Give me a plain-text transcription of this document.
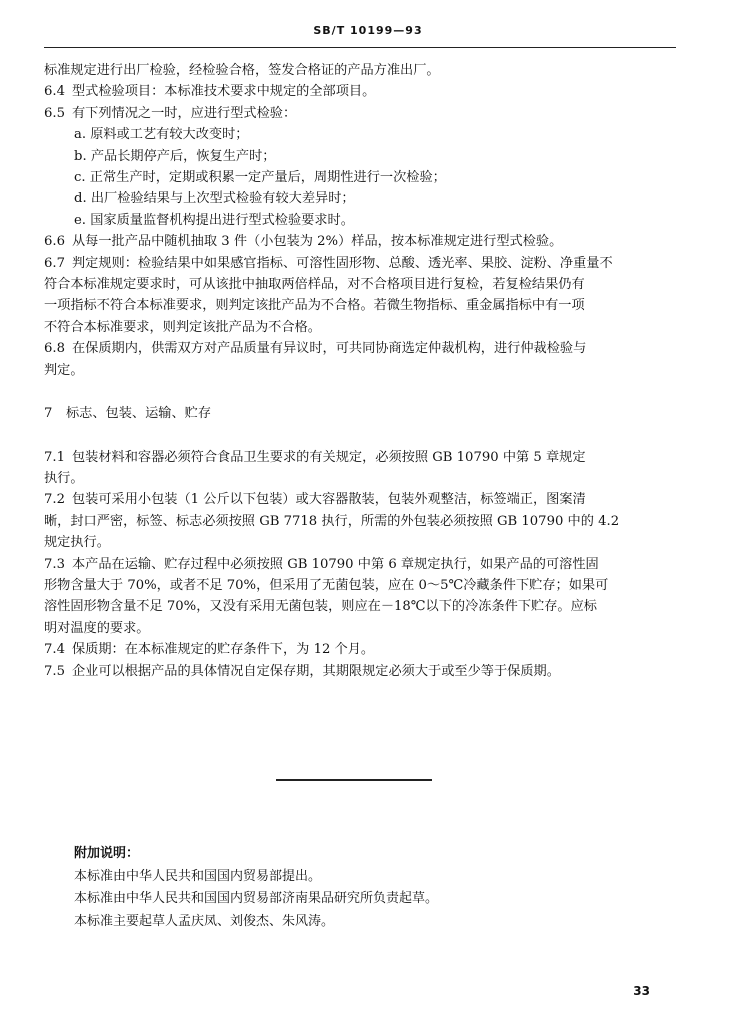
SB/T 10199—93

标准规定进行出厂检验，经检验合格，签发合格证的产品方准出厂。

6.4 型式检验项目：本标准技术要求中规定的全部项目。

6.5 有下列情况之一时，应进行型式检验：

a. 原料或工艺有较大改变时；

b. 产品长期停产后，恢复生产时；

c. 正常生产时，定期或积累一定产量后，周期性进行一次检验；

d. 出厂检验结果与上次型式检验有较大差异时；

e. 国家质量监督机构提出进行型式检验要求时。

6.6 从每一批产品中随机抽取 3 件（小包装为 2%）样品，按本标准规定进行型式检验。

6.7 判定规则：检验结果中如果感官指标、可溶性固形物、总酸、透光率、果胶、淀粉、净重量不

符合本标准规定要求时，可从该批中抽取两倍样品，对不合格项目进行复检，若复检结果仍有

一项指标不符合本标准要求，则判定该批产品为不合格。若微生物指标、重金属指标中有一项

不符合本标准要求，则判定该批产品为不合格。

6.8 在保质期内，供需双方对产品质量有异议时，可共同协商选定仲裁机构，进行仲裁检验与

判定。

7 标志、包装、运输、贮存

7.1 包装材料和容器必须符合食品卫生要求的有关规定，必须按照 GB 10790 中第 5 章规定

执行。

7.2 包装可采用小包装（1 公斤以下包装）或大容器散装，包装外观整洁，标签端正，图案清

晰，封口严密，标签、标志必须按照 GB 7718 执行，所需的外包装必须按照 GB 10790 中的 4.2

规定执行。

7.3 本产品在运输、贮存过程中必须按照 GB 10790 中第 6 章规定执行，如果产品的可溶性固

形物含量大于 70%，或者不足 70%，但采用了无菌包装，应在 0～5℃冷藏条件下贮存；如果可

溶性固形物含量不足 70%，又没有采用无菌包装，则应在－18℃以下的冷冻条件下贮存。应标

明对温度的要求。

7.4 保质期：在本标准规定的贮存条件下，为 12 个月。

7.5 企业可以根据产品的具体情况自定保存期，其期限规定必须大于或至少等于保质期。

附加说明：

本标准由中华人民共和国国内贸易部提出。

本标准由中华人民共和国国内贸易部济南果品研究所负责起草。

本标准主要起草人孟庆凤、刘俊杰、朱风涛。

33
